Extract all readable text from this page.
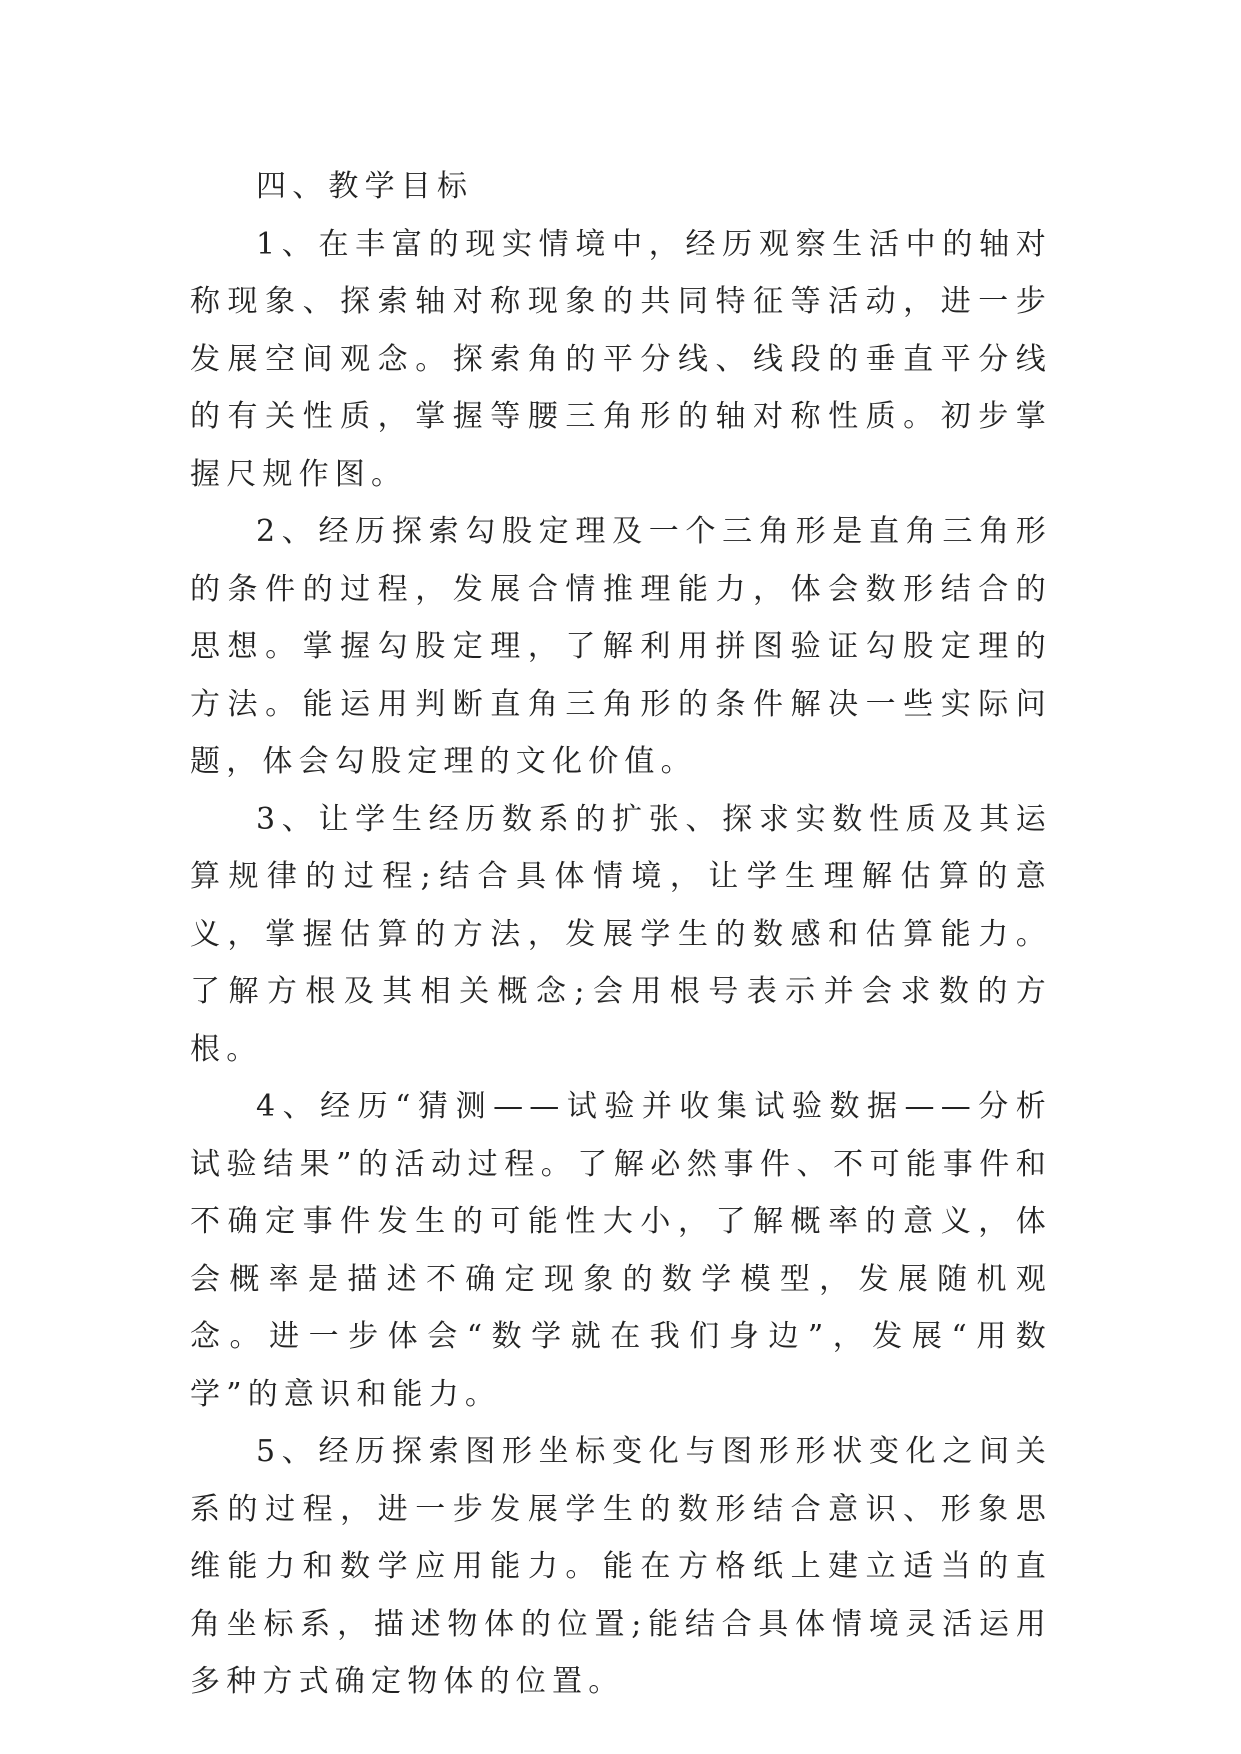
四、教学目标

1、在丰富的现实情境中，经历观察生活中的轴对称现象、探索轴对称现象的共同特征等活动，进一步发展空间观念。探索角的平分线、线段的垂直平分线的有关性质，掌握等腰三角形的轴对称性质。初步掌握尺规作图。

2、经历探索勾股定理及一个三角形是直角三角形的条件的过程，发展合情推理能力，体会数形结合的思想。掌握勾股定理，了解利用拼图验证勾股定理的方法。能运用判断直角三角形的条件解决一些实际问题，体会勾股定理的文化价值。

3、让学生经历数系的扩张、探求实数性质及其运算规律的过程;结合具体情境，让学生理解估算的意义，掌握估算的方法，发展学生的数感和估算能力。了解方根及其相关概念;会用根号表示并会求数的方根。

4、经历“猜测——试验并收集试验数据——分析试验结果”的活动过程。了解必然事件、不可能事件和不确定事件发生的可能性大小，了解概率的意义，体会概率是描述不确定现象的数学模型，发展随机观念。进一步体会“数学就在我们身边”，发展“用数学”的意识和能力。

5、经历探索图形坐标变化与图形形状变化之间关系的过程，进一步发展学生的数形结合意识、形象思维能力和数学应用能力。能在方格纸上建立适当的直角坐标系，描述物体的位置;能结合具体情境灵活运用多种方式确定物体的位置。
